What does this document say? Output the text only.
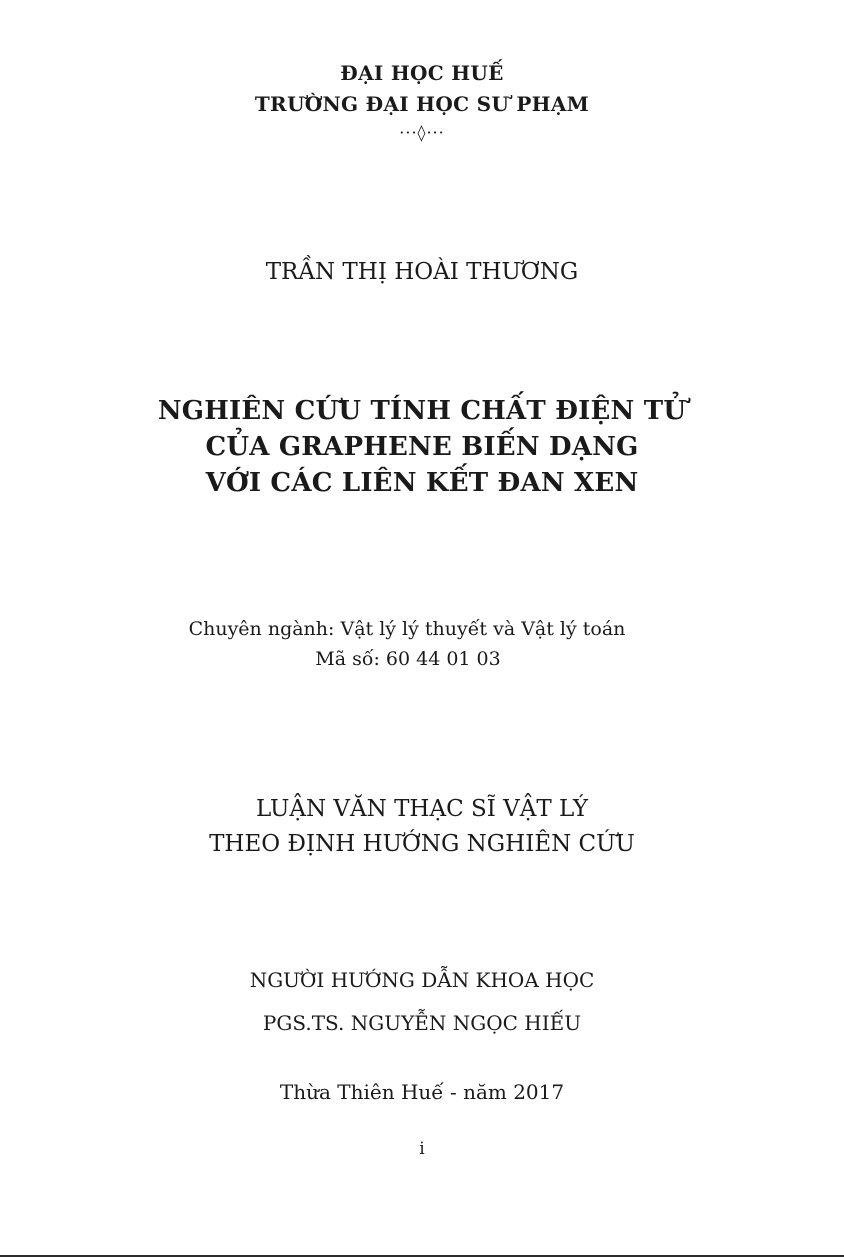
ĐẠI HỌC HUẾ
TRƯỜNG ĐẠI HỌC SƯ PHẠM
···◊···
TRẦN THỊ HOÀI THƯƠNG
NGHIÊN CỨU TÍNH CHẤT ĐIỆN TỬ
CỦA GRAPHENE BIẾN DẠNG
VỚI CÁC LIÊN KẾT ĐAN XEN
Chuyên ngành: Vật lý lý thuyết và Vật lý toán
Mã số: 60 44 01 03
LUẬN VĂN THẠC SĨ VẬT LÝ
THEO ĐỊNH HƯỚNG NGHIÊN CỨU
NGƯỜI HƯỚNG DẪN KHOA HỌC
PGS.TS. NGUYỄN NGỌC HIẾU
Thừa Thiên Huế - năm 2017
i
